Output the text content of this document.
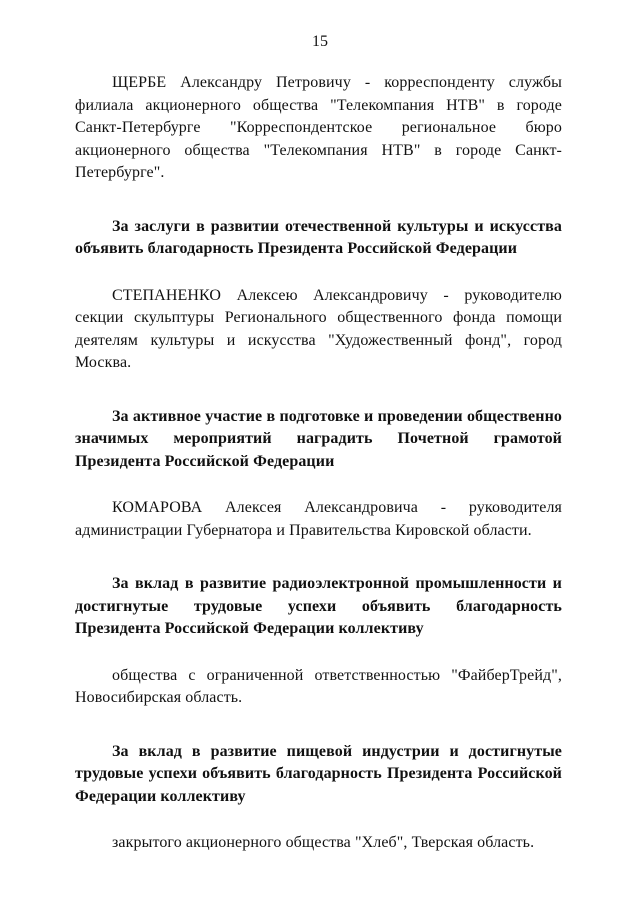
15

ЩЕРБЕ Александру Петровичу - корреспонденту службы филиала акционерного общества "Телекомпания НТВ" в городе Санкт-Петербурге "Корреспондентское региональное бюро акционерного общества "Телекомпания НТВ" в городе Санкт-Петербурге".

За заслуги в развитии отечественной культуры и искусства объявить благодарность Президента Российской Федерации

СТЕПАНЕНКО Алексею Александровичу - руководителю секции скульптуры Регионального общественного фонда помощи деятелям культуры и искусства "Художественный фонд", город Москва.

За активное участие в подготовке и проведении общественно значимых мероприятий наградить Почетной грамотой Президента Российской Федерации

КОМАРОВА Алексея Александровича - руководителя администрации Губернатора и Правительства Кировской области.

За вклад в развитие радиоэлектронной промышленности и достигнутые трудовые успехи объявить благодарность Президента Российской Федерации коллективу

общества с ограниченной ответственностью "ФайберТрейд", Новосибирская область.

За вклад в развитие пищевой индустрии и достигнутые трудовые успехи объявить благодарность Президента Российской Федерации коллективу

закрытого акционерного общества "Хлеб", Тверская область.
